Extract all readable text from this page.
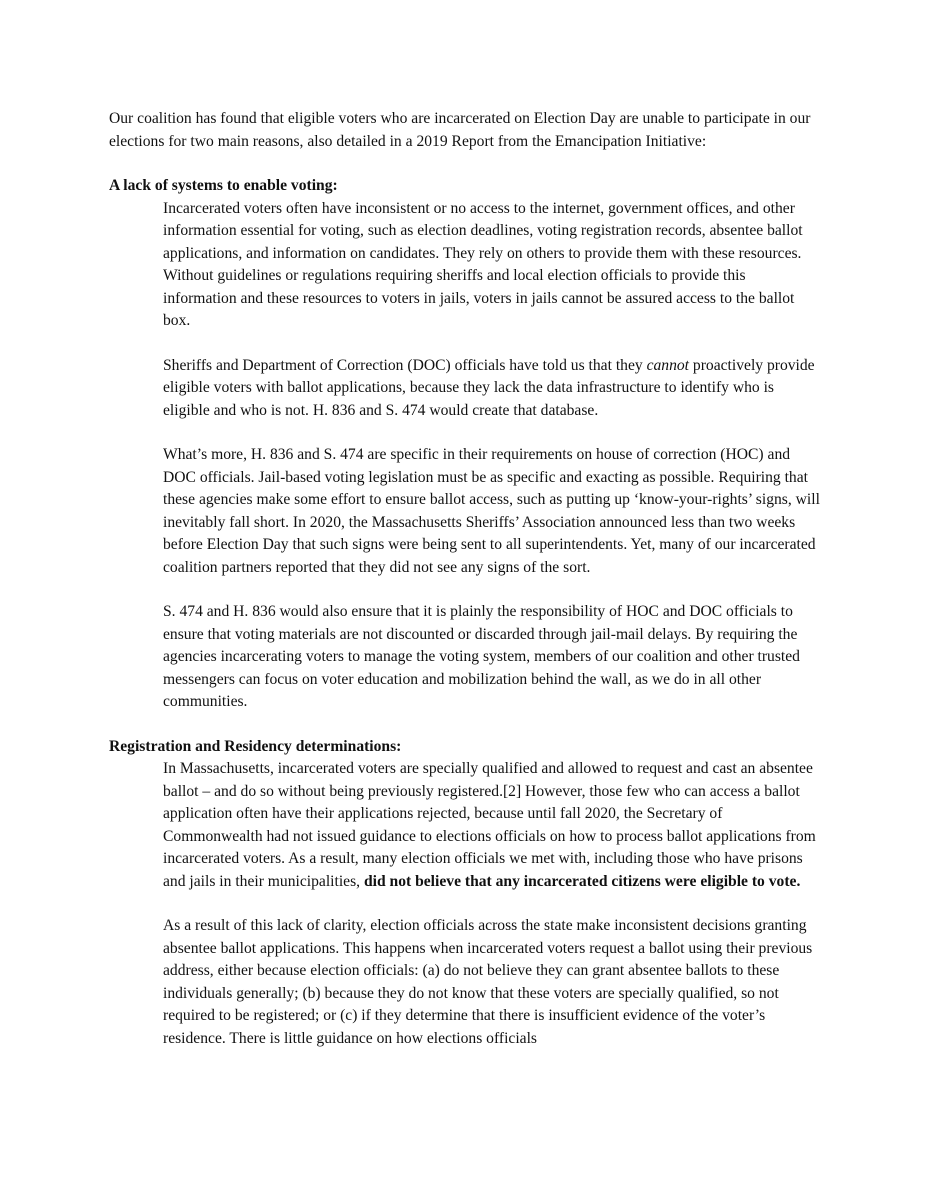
Our coalition has found that eligible voters who are incarcerated on Election Day are unable to participate in our elections for two main reasons, also detailed in a 2019 Report from the Emancipation Initiative:

A lack of systems to enable voting:

Incarcerated voters often have inconsistent or no access to the internet, government offices, and other information essential for voting, such as election deadlines, voting registration records, absentee ballot applications, and information on candidates. They rely on others to provide them with these resources. Without guidelines or regulations requiring sheriffs and local election officials to provide this information and these resources to voters in jails, voters in jails cannot be assured access to the ballot box.

Sheriffs and Department of Correction (DOC) officials have told us that they cannot proactively provide eligible voters with ballot applications, because they lack the data infrastructure to identify who is eligible and who is not. H. 836 and S. 474 would create that database.

What’s more, H. 836 and S. 474 are specific in their requirements on house of correction (HOC) and DOC officials. Jail-based voting legislation must be as specific and exacting as possible. Requiring that these agencies make some effort to ensure ballot access, such as putting up ‘know-your-rights’ signs, will inevitably fall short. In 2020, the Massachusetts Sheriffs’ Association announced less than two weeks before Election Day that such signs were being sent to all superintendents. Yet, many of our incarcerated coalition partners reported that they did not see any signs of the sort.

S. 474 and H. 836 would also ensure that it is plainly the responsibility of HOC and DOC officials to ensure that voting materials are not discounted or discarded through jail-mail delays. By requiring the agencies incarcerating voters to manage the voting system, members of our coalition and other trusted messengers can focus on voter education and mobilization behind the wall, as we do in all other communities.

Registration and Residency determinations:

In Massachusetts, incarcerated voters are specially qualified and allowed to request and cast an absentee ballot – and do so without being previously registered.[2] However, those few who can access a ballot application often have their applications rejected, because until fall 2020, the Secretary of Commonwealth had not issued guidance to elections officials on how to process ballot applications from incarcerated voters. As a result, many election officials we met with, including those who have prisons and jails in their municipalities, did not believe that any incarcerated citizens were eligible to vote.

As a result of this lack of clarity, election officials across the state make inconsistent decisions granting absentee ballot applications. This happens when incarcerated voters request a ballot using their previous address, either because election officials: (a) do not believe they can grant absentee ballots to these individuals generally; (b) because they do not know that these voters are specially qualified, so not required to be registered; or (c) if they determine that there is insufficient evidence of the voter’s residence. There is little guidance on how elections officials
